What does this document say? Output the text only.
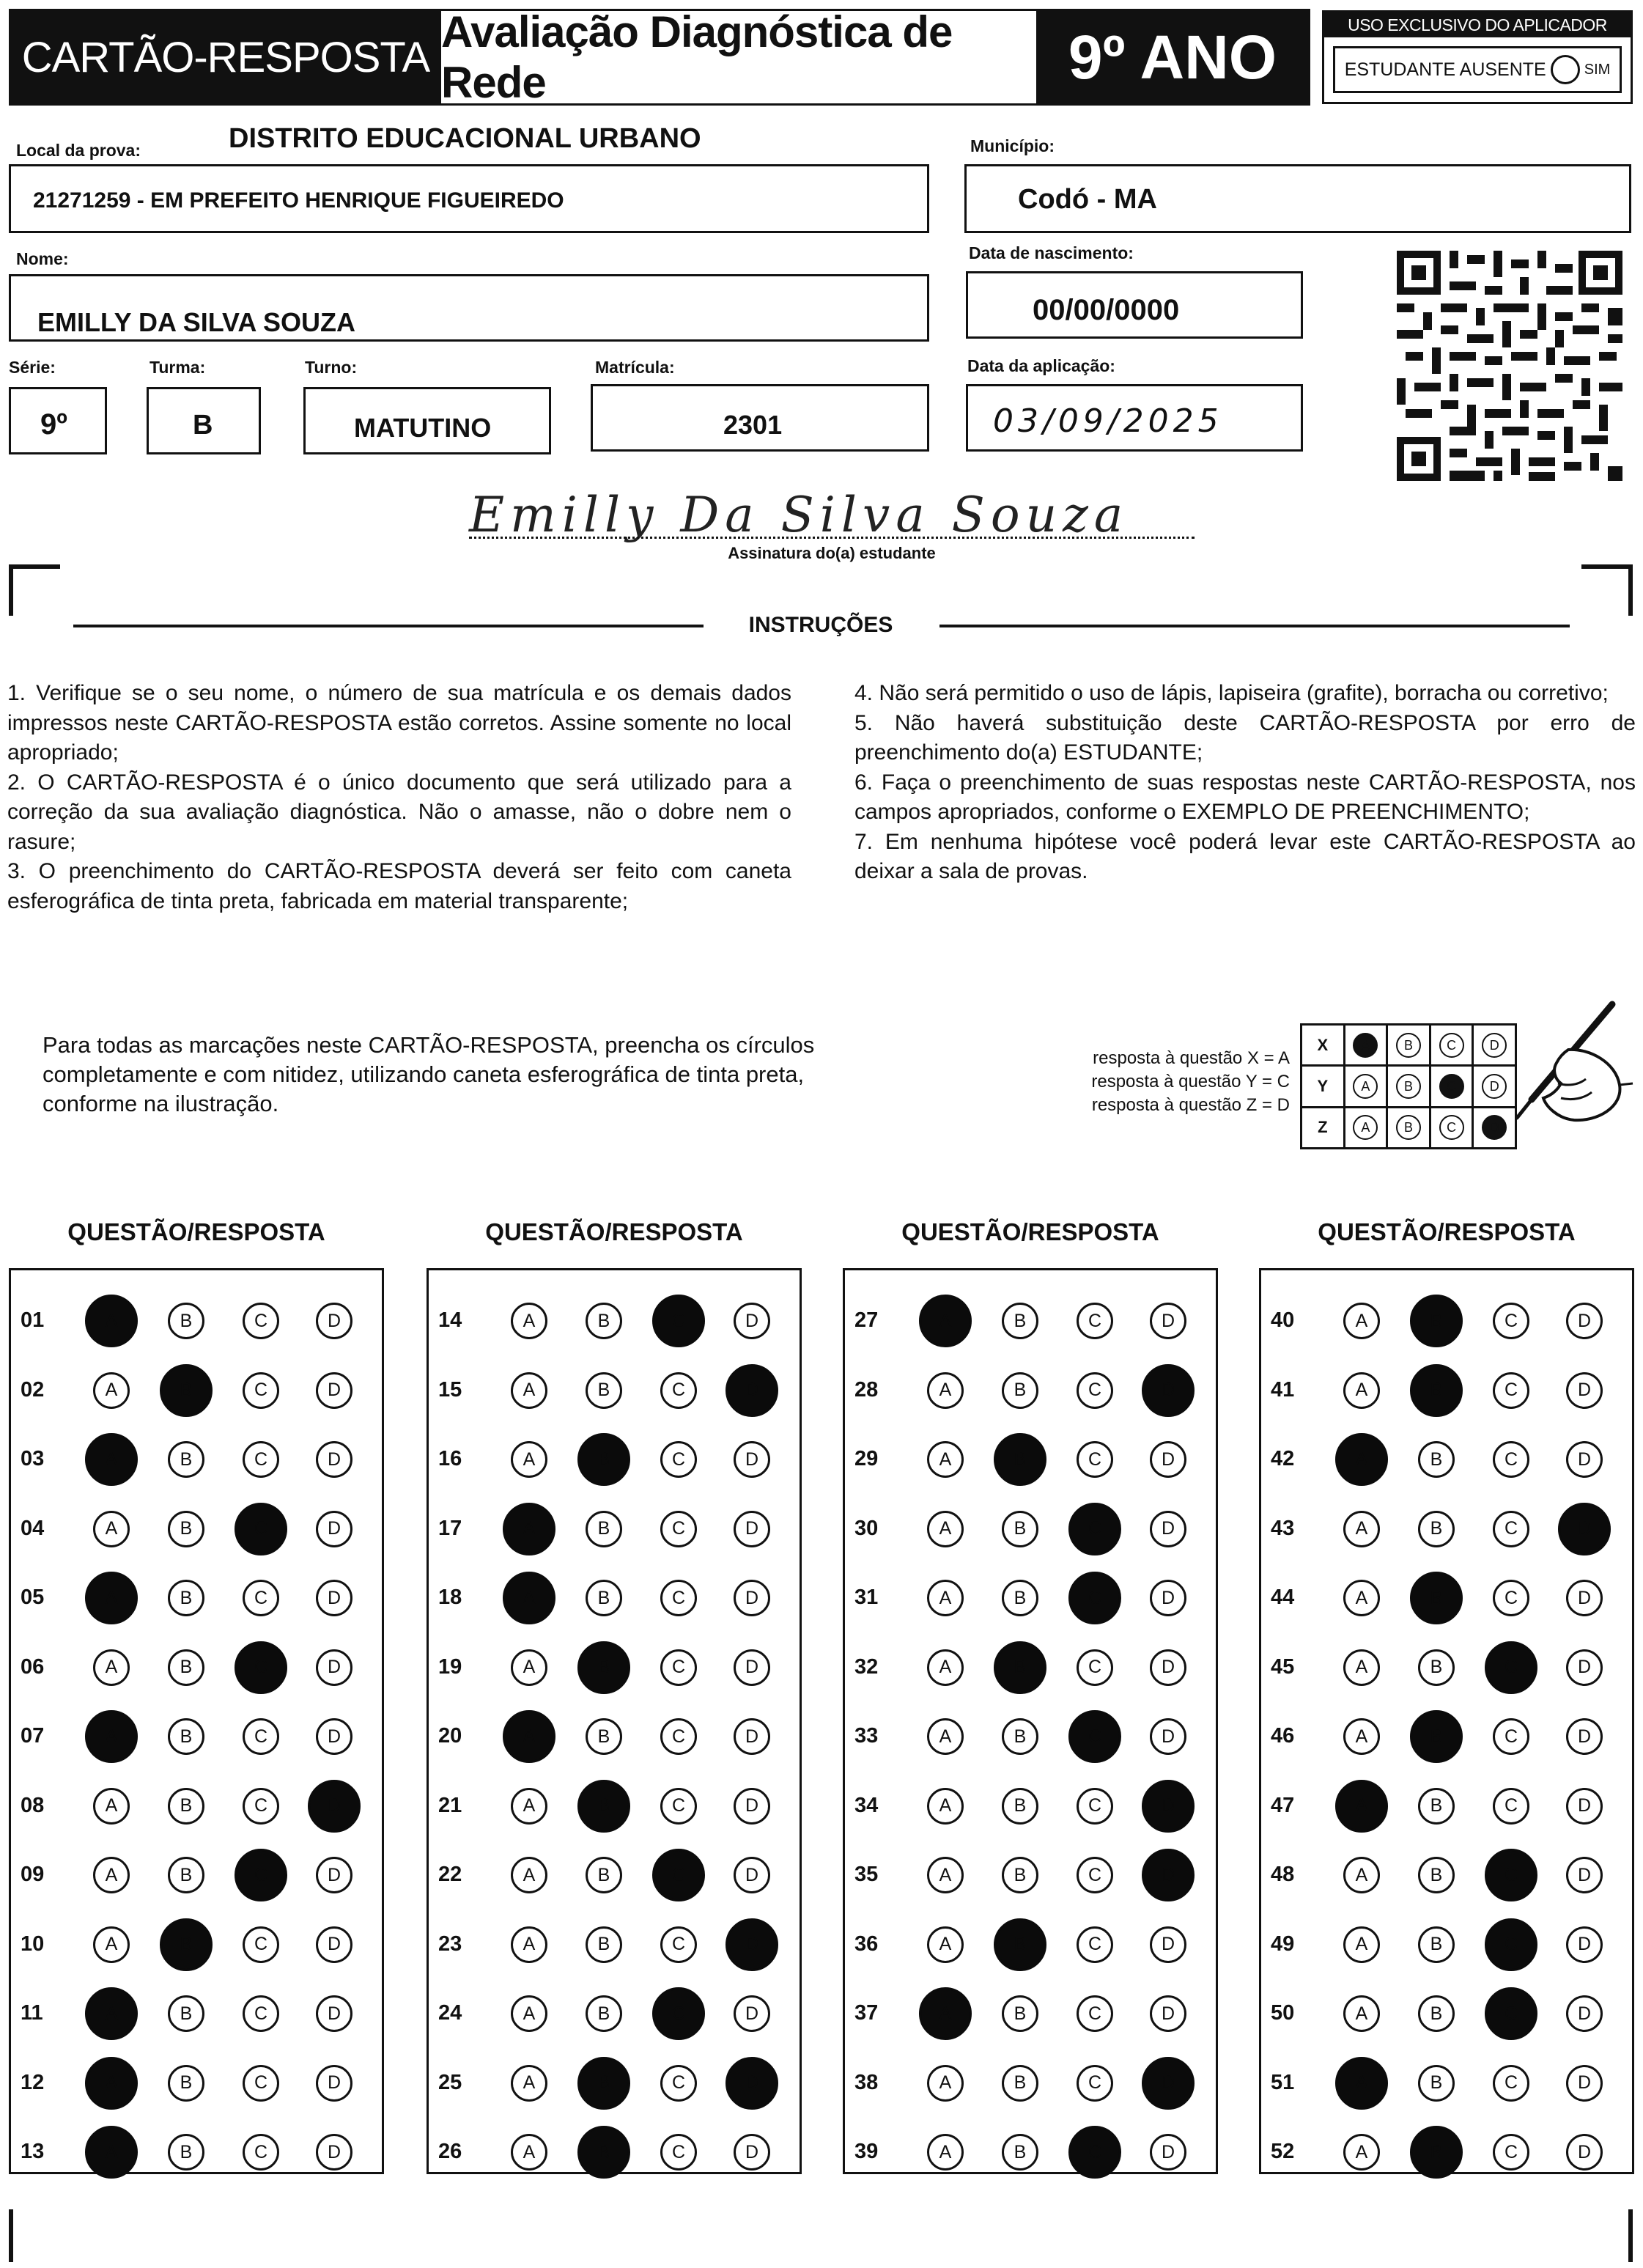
CARTÃO-RESPOSTA
Avaliação Diagnóstica de Rede	9º ANO	USO EXCLUSIVO DO APLICADOR
ESTUDANTE AUSENTE	SIM
Local da prova:	DISTRITO EDUCACIONAL URBANO
21271259 - EM PREFEITO HENRIQUE FIGUEIREDO
Município:
Codó - MA
Nome:
EMILLY DA SILVA SOUZA
Data de nascimento:
00/00/0000
Série:
9º
Turma:
B
Turno:
MATUTINO
Matrícula:
2301
Data da aplicação:
03/09/2025
Emilly Da Silva Souza
Assinatura do(a) estudante
INSTRUÇÕES

1. Verifique se o seu nome, o número de sua matrícula e os demais dados impressos neste CARTÃO-RESPOSTA estão corretos. Assine somente no local apropriado;

2. O CARTÃO-RESPOSTA é o único documento que será utilizado para a correção da sua avaliação diagnóstica. Não o amasse, não o dobre nem o rasure;

3. O preenchimento do CARTÃO-RESPOSTA deverá ser feito com caneta esferográfica de tinta preta, fabricada em material transparente;

4. Não será permitido o uso de lápis, lapiseira (grafite), borracha ou corretivo;

5. Não haverá substituição deste CARTÃO-RESPOSTA por erro de preenchimento do(a) ESTUDANTE;

6. Faça o preenchimento de suas respostas neste CARTÃO-RESPOSTA, nos campos apropriados, conforme o EXEMPLO DE PREENCHIMENTO;

7. Em nenhuma hipótese você poderá levar este CARTÃO-RESPOSTA ao deixar a sala de provas.

Para todas as marcações neste CARTÃO-RESPOSTA, preencha os círculos completamente e com nitidez, utilizando caneta esferográfica de tinta preta, conforme na ilustração.
resposta à questão X = A
resposta à questão Y = C
resposta à questão Z = D
X	A	B	C	D
Y	A	B	C	D
Z	A	B	C	D
QUESTÃO/RESPOSTA
01	A	B	C	D
02	A	B	C	D
03	A	B	C	D
04	A	B	C	D
05	A	B	C	D
06	A	B	C	D
07	A	B	C	D
08	A	B	C	D
09	A	B	C	D
10	A	B	C	D
11	A	B	C	D
12	A	B	C	D
13	A	B	C	D
QUESTÃO/RESPOSTA
14	A	B	C	D
15	A	B	C	D
16	A	B	C	D
17	A	B	C	D
18	A	B	C	D
19	A	B	C	D
20	A	B	C	D
21	A	B	C	D
22	A	B	C	D
23	A	B	C	D
24	A	B	C	D
25	A	B	C	D
26	A	B	C	D
QUESTÃO/RESPOSTA
27	A	B	C	D
28	A	B	C	D
29	A	B	C	D
30	A	B	C	D
31	A	B	C	D
32	A	B	C	D
33	A	B	C	D
34	A	B	C	D
35	A	B	C	D
36	A	B	C	D
37	A	B	C	D
38	A	B	C	D
39	A	B	C	D
QUESTÃO/RESPOSTA
40	A	B	C	D
41	A	B	C	D
42	A	B	C	D
43	A	B	C	D
44	A	B	C	D
45	A	B	C	D
46	A	B	C	D
47	A	B	C	D
48	A	B	C	D
49	A	B	C	D
50	A	B	C	D
51	A	B	C	D
52	A	B	C	D
